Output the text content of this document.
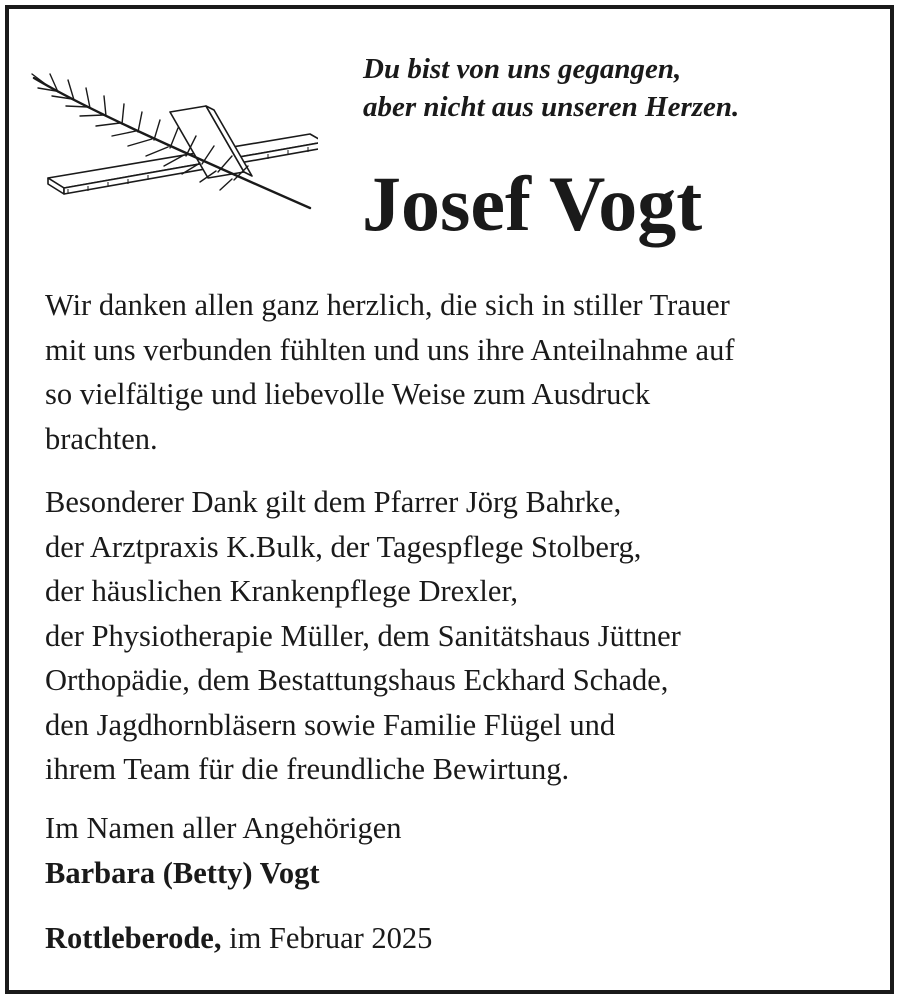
Du bist von uns gegangen,
aber nicht aus unseren Herzen.
Josef Vogt
Wir danken allen ganz herzlich, die sich in stiller Trauer
mit uns verbunden fühlten und uns ihre Anteilnahme auf
so vielfältige und liebevolle Weise zum Ausdruck
brachten.
Besonderer Dank gilt dem Pfarrer Jörg Bahrke,
der Arztpraxis K.Bulk, der Tagespflege Stolberg,
der häuslichen Krankenpflege Drexler,
der Physiotherapie Müller, dem Sanitätshaus Jüttner
Orthopädie, dem Bestattungshaus Eckhard Schade,
den Jagdhornbläsern sowie Familie Flügel und
ihrem Team für die freundliche Bewirtung.
Im Namen aller Angehörigen
Barbara (Betty) Vogt
Rottleberode, im Februar 2025
